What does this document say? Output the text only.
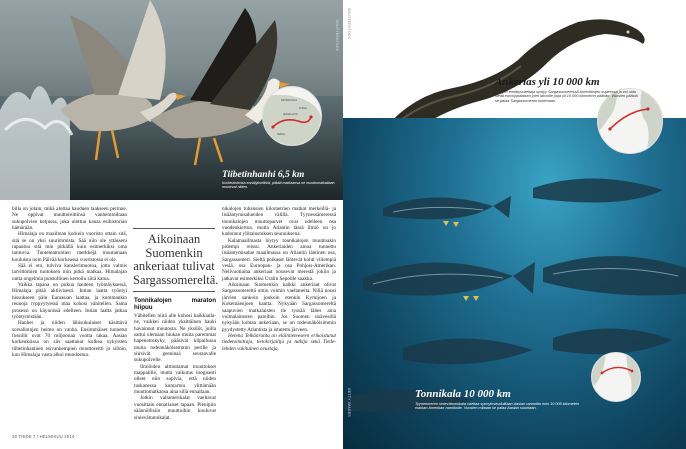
SHUTTERSTOCK
MONGOLIA
HIMALAYA
INDIA
KIINA
Tiibetinhanhi 6,5 km
Korkeuksiensa ennätyksellisiä, pitkää matkaansa ne muuttomatkallaan nousevat niiden.

billa on jotain, mikä alottaa hauduen taakseen perinne. Ne oppivat muuttoreittinsä vanhemmiltaan sukupolvien ketjussa, joka ulottuu kauas esihistorian hämärään.

Himalaja on maailman korkein vuoristo ottain sitä, sitä se on yksi suurimmista. Sää niin ole yttässeni rapautuu sitä min pitkällä kuin esimerkiksi oma tuntuvia. Tuntemattomien merkkejä muutamaan kouluista noin Päivää korkeassa vuoristossa ei ole.

Sää ei oto, tulviva kanslerimuotoa, jotta valmis tarvittomien tuotoksen niin pitkä matkaa. Himalajan uutta ongelmia puistollinen kertoilu siitä katoa.

Vaikka tapana on pukua hauteen työmäyksessä, Himalaja pitää aktiivisesti. Intian laatta työntyi hissukseen päin Euraasian laattaa, ja kummankin reunoja ryppyytyessä maa kohosi vähitellen. Sama prosessi on käynnissä edelleen. Intian laatta jatkaa työntymistään.

Hanhet ja niiden lähisukulaiset käsittävä sorsalintujen heimo on vanha. Ensimmäiset tunnetut fossiilit ovat 70 miljoonaa vuotta takaa. Aasian korkeuksissa on siis saattanut kulkea nykyisten tiibetinhanhien esivanhempien muuttoreitti jo silloin, kun Himalaja vasta alkoi muodostua.

Aikoinaan Suomenkin ankeriaat tulivat Sargassomereltä.
Tonnikalojen maraton hiipuu

Vähitellen niitä alle kohosi kaikkialla-ne, vaikkei niiden yksittäinen hauki havainnut muutosta. Ne yksilöt, joilla sattui olemaan hiukan muita paremmat hapenottokyky, pääsivät kilpailussa muita todennäköisemmin perille ja siirsivät geeninsä seuraavalle sukupolvelle.

Ilmiöiden alttiuttamat muuttokset mappalille, mutta vaikutus loogisesti olleet niin sopivia, että niiden tuskanessa kumartuu ylittämään muuttomatkansa aina sillä ennallaan.

Jotkin valtamerikalat vaeltavat vuosittain ennatlaiset tapaan. Pienipiin säännöllisiin muuttoihin kuuluvat sinievätonnikalat.

nikalojen tuhansien kilometrien matkat merkeillä- ja lisääntymisalueiden välillä. Tyynessämeressä tonnikalojen muuttoparvet ovat odelleen osa vuodenkiertoa, mutta Atlantin tässä ilmiö on jo kadonnut yliitalustuksen seurauksena.

Kalamaailmasta löytyy tonnikalojen muuttoakin pidempi reissu. Ankeriaiden ainoa tunnettu lisääntymisalue maailmassa on Atlantin läntinen osa, Sargassomeri. Sieltä poikaset lähtevät kohti viilempiä vesiä, osa Euroopan- ja osa Pohjois-Amerikan. Nelivuotiaina ankeriaat nousevat merestä jokiin ja jatkavat esimerkiksi Uralin Sepoille saakka.

Aikoinaan Suomenkin kaikki ankeriaat olivat Sargassomereltä omin voimin vaeltaneita. Nillä nousi järvien sankoin joukoin etenkin Kymijoen ja Kokemäenjoen kautta. Nykyään Sargassomereltä saapuvien matkalaisten tie tyssää lähes aina voimalaitosten patoihin. Jos Suomen sisävesillä nykyään kohtaa ankeriaan, se on todennäköisimmin pyydystetty Atlantista ja istutettu järveen.

Helena Telkänranta on eläintieteeseen erikoistunut tiedetoimittaja, tietokirjailija ja tutkija sekä Tiede-lehden vakituinen avustaja.

26 TIEDE 7 / HELMIKUU 2014
SHUTTERSTOCK
GETTY IMAGES
Ankerias yli 10 000 km
Kalojen ennätysvaeltaja syntyy Sargassomeressä Amerikkojen kupeessa ja voi uida sieltä eurooppalaisen joen latvoille jopa yli 10 000 kilometrin päähän. Vuosien päästä se palaa Sargassomeren kutemaan.
Tonnikala 10 000 km
Tyynenmeren sinievätonnikala vaeltaa synnyinseuduiltaan Aasian rannoilta noin 10 000 kilometrin matkan Amerikan rannikolle. Vuosien mittaan se palaa Aasian suuntaan.
